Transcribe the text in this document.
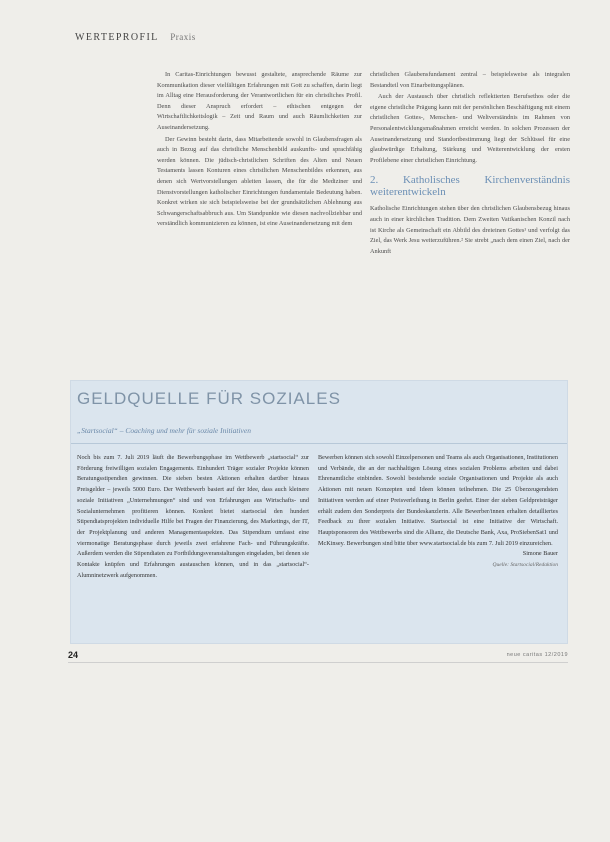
WERTEPROFIL Praxis

In Caritas-Einrichtungen bewusst gestaltete, ansprechende Räume zur Kommunikation dieser vielfältigen Erfahrungen mit Gott zu schaffen, darin liegt im Alltag eine Herausforderung der Verantwortlichen für ein christliches Profil. Denn dieser Anspruch erfordert – ethischen entgegen der Wirtschaftlichkeitslogik – Zeit und Raum und auch Räumlichkeiten zur Auseinandersetzung.

Der Gewinn besteht darin, dass Mitarbeitende sowohl in Glaubensfragen als auch in Bezug auf das christliche Menschenbild auskunfts- und sprachfähig werden können. Die jüdisch-christlichen Schriften des Alten und Neuen Testaments lassen Konturen eines christlichen Menschenbildes erkennen, aus denen sich Wertvorstellungen ableiten lassen, die für die Mediziner und Dienstvorstellungen katholischer Einrichtungen fundamentale Bedeutung haben. Konkret wirken sie sich beispielsweise bei der grundsätzlichen Ablehnung aus Schwangerschaftsabbruch aus. Um Standpunkte wie diesen nachvollziehbar und verständlich kommunizieren zu können, ist eine Auseinandersetzung mit dem

christlichen Glaubensfundament zentral – beispielsweise als integralen Bestandteil von Einarbeitungsplänen.

Auch der Austausch über christlich reflektierten Berufsethos oder die eigene christliche Prägung kann mit der persönlichen Beschäftigung mit einem christlichen Gottes-, Menschen- und Weltverständnis im Rahmen von Personalentwicklungsmaßnahmen erreicht werden. In solchen Prozessen der Auseinandersetzung und Standortbestimmung liegt der Schlüssel für eine glaubwürdige Erhaltung, Stärkung und Weiterentwicklung der ersten Profilebene einer christlichen Einrichtung.

2. Katholisches Kirchenverständnis weiterentwickeln

Katholische Einrichtungen stehen über den christlichen Glaubensbezug hinaus auch in einer kirchlichen Tradition. Dem Zweiten Vatikanischen Konzil nach ist Kirche als Gemeinschaft ein Abbild des dreieinen Gottes¹ und verfolgt das Ziel, das Werk Jesu weiterzuführen.² Sie strebt „nach dem einen Ziel, nach der Ankunft

GELDQUELLE FÜR SOZIALES
„Startsocial“ – Coaching und mehr für soziale Initiativen

Noch bis zum 7. Juli 2019 läuft die Bewerbungsphase im Wettbewerb „startsocial“ zur Förderung freiwilligen sozialen Engagements. Einhundert Träger sozialer Projekte können Beratungsstipendien gewinnen. Die sieben besten Aktionen erhalten darüber hinaus Preisgelder – jeweils 5000 Euro. Der Wettbewerb basiert auf der Idee, dass auch kleinere soziale Initiativen „Unternehmungen“ sind und von Erfahrungen aus Wirtschafts- und Sozialunternehmen profitieren können. Konkret bietet startsocial den hundert Stipendiatsprojekten individuelle Hilfe bei Fragen der Finanzierung, des Marketings, der IT, der Projektplanung und anderen Managementaspekten. Das Stipendium umfasst eine viermonatige Beratungsphase durch jeweils zwei erfahrene Fach- und Führungskräfte. Außerdem werden die Stipendiaten zu Fortbildungsveranstaltungen eingeladen, bei denen sie Kontakte knüpfen und Erfahrungen austauschen können, und in das „startsocial“-Alumninetzwerk aufgenommen.

Bewerben können sich sowohl Einzelpersonen und Teams als auch Organisationen, Institutionen und Verbände, die an der nachhaltigen Lösung eines sozialen Problems arbeiten und dabei Ehrenamtliche einbinden. Sowohl bestehende soziale Organisationen und Projekte als auch Aktionen mit neuen Konzepten und Ideen können teilnehmen. Die 25 Überzeugendsten Initiativen werden auf einer Preisverleihung in Berlin geehrt. Einer der sieben Geldpreisträger erhält zudem den Sonderpreis der Bundeskanzlerin. Alle Bewerber/innen erhalten detailliertes Feedback zu ihrer sozialen Initiative. Startsocial ist eine Initiative der Wirtschaft. Hauptsponsoren des Wettbewerbs sind die Allianz, die Deutsche Bank, Axa, ProSiebenSat1 und McKinsey. Bewerbungen sind bitte über www.startsocial.de bis zum 7. Juli 2019 einzureichen.

Simone Bauer

Quelle: Startsocial/Redaktion

24	neue caritas 12/2019
